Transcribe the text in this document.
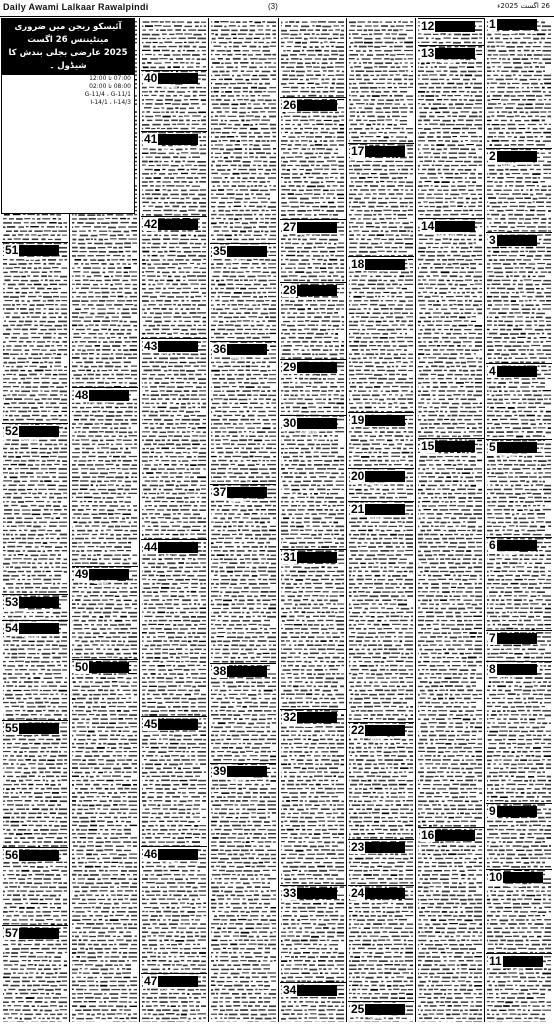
Daily Awami Lalkaar Rawalpindi	(3)	26 اگست 2025ء
آئیسکو ریجن میں ضروری مینٹیننس 26 اگست
2025 عارضی بجلی بندش کا شیڈول ۔
07:00 تا 12:00
08:00 تا 02:00
G-11/4 ، G-11/1
I-14/1 ، I-14/3
1
ضمیمہ
2
ضمیمہ
3
ضمیمہ
4
ضمیمہ
5
ضمیمہ
6
ضمیمہ
7
ضمیمہ
8
ضمیمہ
9
ضمیمہ
10
ضمیمہ
11
ضمیمہ
12
ضمیمہ
13
ضمیمہ
14
ضمیمہ
15
ضمیمہ
16
ضمیمہ
17
ضمیمہ
18
ضمیمہ
19
ضمیمہ
20
ضمیمہ
21
ضمیمہ
22
ضمیمہ
23
ضمیمہ
24
ضمیمہ
25
ضمیمہ
26
ضمیمہ
27
ضمیمہ
28
ضمیمہ
29
ضمیمہ
30
ضمیمہ
31
ضمیمہ
32
ضمیمہ
33
ضمیمہ
34
ضمیمہ
35
ضمیمہ
36
ضمیمہ
37
ضمیمہ
38
ضمیمہ
39
ضمیمہ
40
ضمیمہ
41
ضمیمہ
42
ضمیمہ
43
ضمیمہ
44
ضمیمہ
45
ضمیمہ
46
ضمیمہ
47
ضمیمہ
48
ضمیمہ
49
ضمیمہ
50
ضمیمہ
51
ضمیمہ
52
ضمیمہ
53
ضمیمہ
54
ضمیمہ
55
ضمیمہ
56
ضمیمہ
57
ضمیمہ
